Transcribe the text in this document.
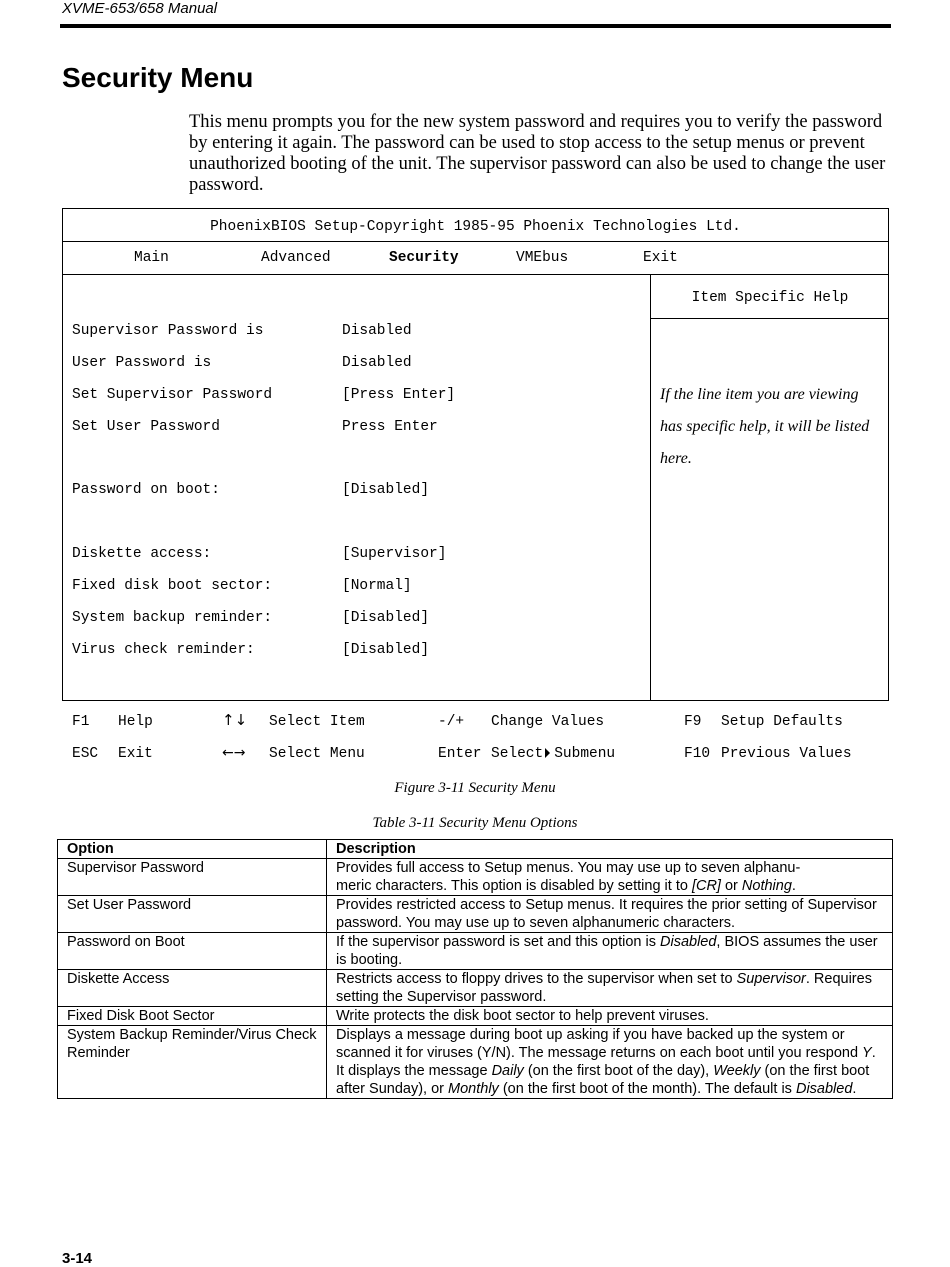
XVME-653/658 Manual
Security Menu
This menu prompts you for the new system password and requires you to verify the password by entering it again. The password can be used to stop access to the setup menus or prevent unauthorized booting of the unit. The supervisor password can also be used to change the user password.
PhoenixBIOS Setup-Copyright 1985-95 Phoenix Technologies Ltd.
Main	Advanced	Security	VMEbus	Exit
Supervisor Password is	Disabled
User Password is	Disabled
Set Supervisor Password	[Press Enter]
Set User Password	Press Enter
Password on boot:	[Disabled]
Diskette access:	[Supervisor]
Fixed disk boot sector:	[Normal]
System backup reminder:	[Disabled]
Virus check reminder:	[Disabled]
Item Specific Help
If the line item you are viewing has specific help, it will be listed here.
F1 Help	↑↓ Select Item	-/+ Change Values	F9 Setup Defaults
ESC Exit	←→ Select Menu	Enter Select Submenu	F10 Previous Values
Figure 3-11 Security Menu
Table 3-11 Security Menu Options
Option	Description
Supervisor Password	Provides full access to Setup menus. You may use up to seven alphanu-
meric characters. This option is disabled by setting it to [CR] or Nothing.
Set User Password	Provides restricted access to Setup menus. It requires the prior setting of Supervisor password. You may use up to seven alphanumeric characters.
Password on Boot	If the supervisor password is set and this option is Disabled, BIOS assumes the user is booting.
Diskette Access	Restricts access to floppy drives to the supervisor when set to Supervisor. Requires setting the Supervisor password.
Fixed Disk Boot Sector	Write protects the disk boot sector to help prevent viruses.
System Backup Reminder/Virus Check Reminder	Displays a message during boot up asking if you have backed up the system or scanned it for viruses (Y/N). The message returns on each boot until you respond Y. It displays the message Daily (on the first boot of the day), Weekly (on the first boot after Sunday), or Monthly (on the first boot of the month). The default is Disabled.
3-14
